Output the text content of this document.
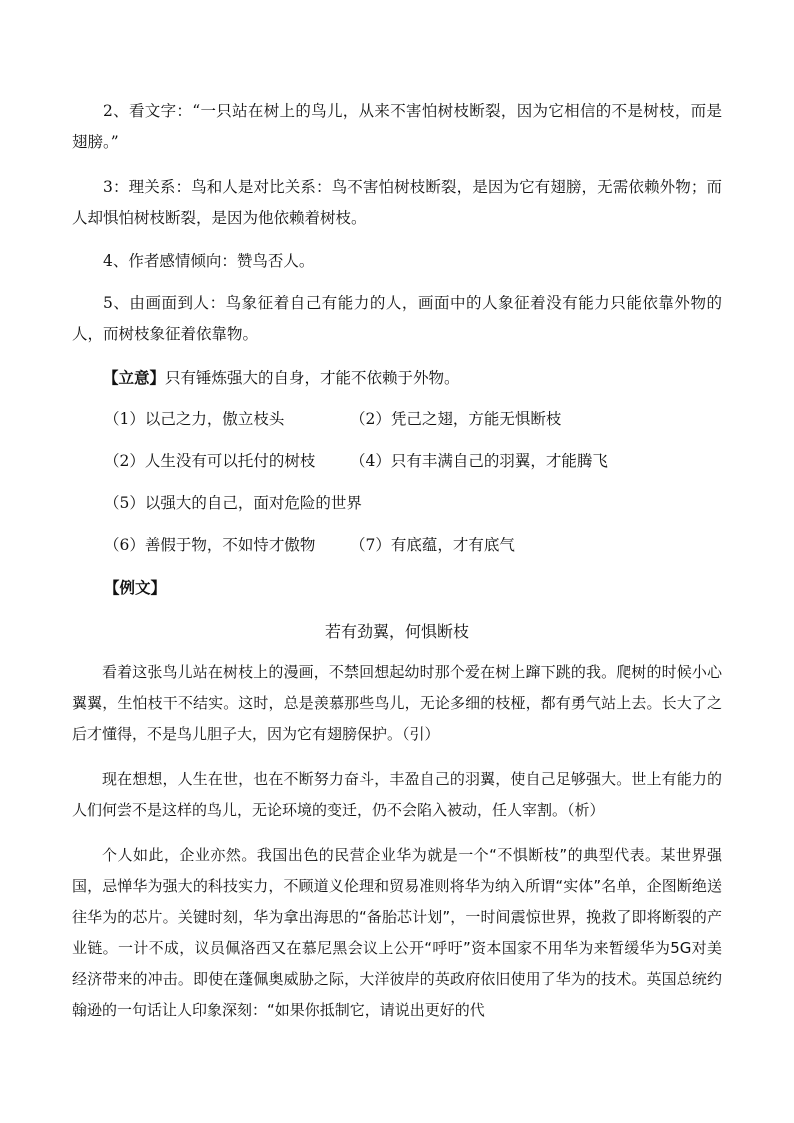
2、看文字：“一只站在树上的鸟儿，从来不害怕树枝断裂，因为它相信的不是树枝，而是翅膀。”

3：理关系：鸟和人是对比关系：鸟不害怕树枝断裂，是因为它有翅膀，无需依赖外物；而人却惧怕树枝断裂，是因为他依赖着树枝。

4、作者感情倾向：赞鸟否人。

5、由画面到人：鸟象征着自己有能力的人，画面中的人象征着没有能力只能依靠外物的人，而树枝象征着依靠物。

【立意】只有锤炼强大的自身，才能不依赖于外物。

（1）以己之力，傲立枝头	（2）凭己之翅，方能无惧断枝
（2）人生没有可以托付的树枝 （4）只有丰满自己的羽翼，才能腾飞
（5）以强大的自己，面对危险的世界
（6）善假于物，不如恃才傲物 （7）有底蕴，才有底气

【例文】

若有劲翼，何惧断枝

看着这张鸟儿站在树枝上的漫画，不禁回想起幼时那个爱在树上蹿下跳的我。爬树的时候小心翼翼，生怕枝干不结实。这时，总是羡慕那些鸟儿，无论多细的枝桠，都有勇气站上去。长大了之后才懂得，不是鸟儿胆子大，因为它有翅膀保护。（引）

现在想想，人生在世，也在不断努力奋斗，丰盈自己的羽翼，使自己足够强大。世上有能力的人们何尝不是这样的鸟儿，无论环境的变迁，仍不会陷入被动，任人宰割。（析）

个人如此，企业亦然。我国出色的民营企业华为就是一个“不惧断枝”的典型代表。某世界强国，忌惮华为强大的科技实力，不顾道义伦理和贸易准则将华为纳入所谓“实体”名单，企图断绝送往华为的芯片。关键时刻，华为拿出海思的“备胎芯计划”，一时间震惊世界，挽救了即将断裂的产业链。一计不成，议员佩洛西又在慕尼黑会议上公开“呼吁”资本国家不用华为来暂缓华为5G对美经济带来的冲击。即使在蓬佩奥威胁之际，大洋彼岸的英政府依旧使用了华为的技术。英国总统约翰逊的一句话让人印象深刻：“如果你抵制它，请说出更好的代
